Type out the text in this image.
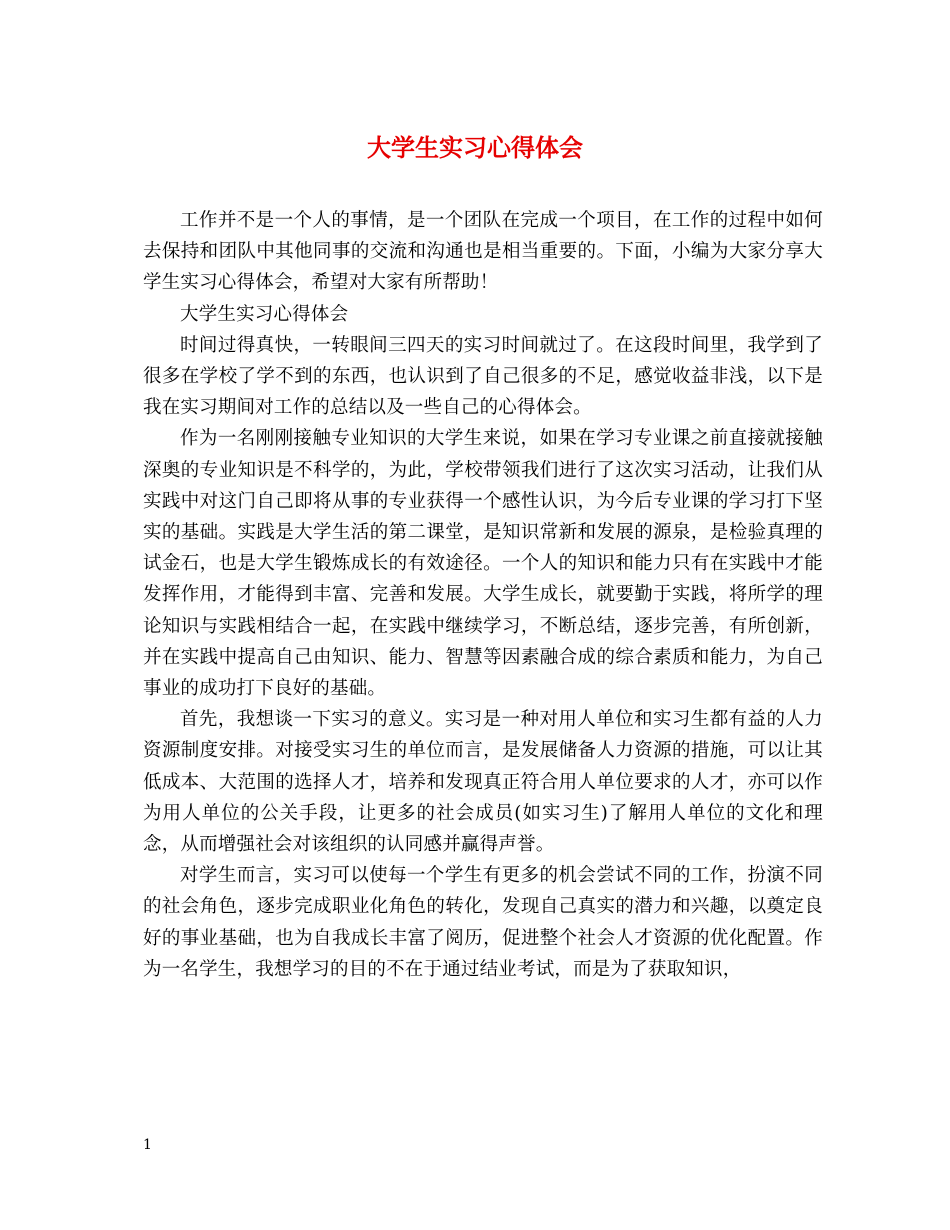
大学生实习心得体会

工作并不是一个人的事情，是一个团队在完成一个项目，在工作的过程中如何去保持和团队中其他同事的交流和沟通也是相当重要的。下面，小编为大家分享大学生实习心得体会，希望对大家有所帮助！

大学生实习心得体会

时间过得真快，一转眼间三四天的实习时间就过了。在这段时间里，我学到了很多在学校了学不到的东西，也认识到了自己很多的不足，感觉收益非浅，以下是我在实习期间对工作的总结以及一些自己的心得体会。

作为一名刚刚接触专业知识的大学生来说，如果在学习专业课之前直接就接触深奥的专业知识是不科学的，为此，学校带领我们进行了这次实习活动，让我们从实践中对这门自己即将从事的专业获得一个感性认识，为今后专业课的学习打下坚实的基础。实践是大学生活的第二课堂，是知识常新和发展的源泉，是检验真理的试金石，也是大学生锻炼成长的有效途径。一个人的知识和能力只有在实践中才能发挥作用，才能得到丰富、完善和发展。大学生成长，就要勤于实践，将所学的理论知识与实践相结合一起，在实践中继续学习，不断总结，逐步完善，有所创新，并在实践中提高自己由知识、能力、智慧等因素融合成的综合素质和能力，为自己事业的成功打下良好的基础。

首先，我想谈一下实习的意义。实习是一种对用人单位和实习生都有益的人力资源制度安排。对接受实习生的单位而言，是发展储备人力资源的措施，可以让其低成本、大范围的选择人才，培养和发现真正符合用人单位要求的人才，亦可以作为用人单位的公关手段，让更多的社会成员(如实习生)了解用人单位的文化和理念，从而增强社会对该组织的认同感并赢得声誉。

对学生而言，实习可以使每一个学生有更多的机会尝试不同的工作，扮演不同的社会角色，逐步完成职业化角色的转化，发现自己真实的潜力和兴趣，以奠定良好的事业基础，也为自我成长丰富了阅历，促进整个社会人才资源的优化配置。作为一名学生，我想学习的目的不在于通过结业考试，而是为了获取知识，

1
